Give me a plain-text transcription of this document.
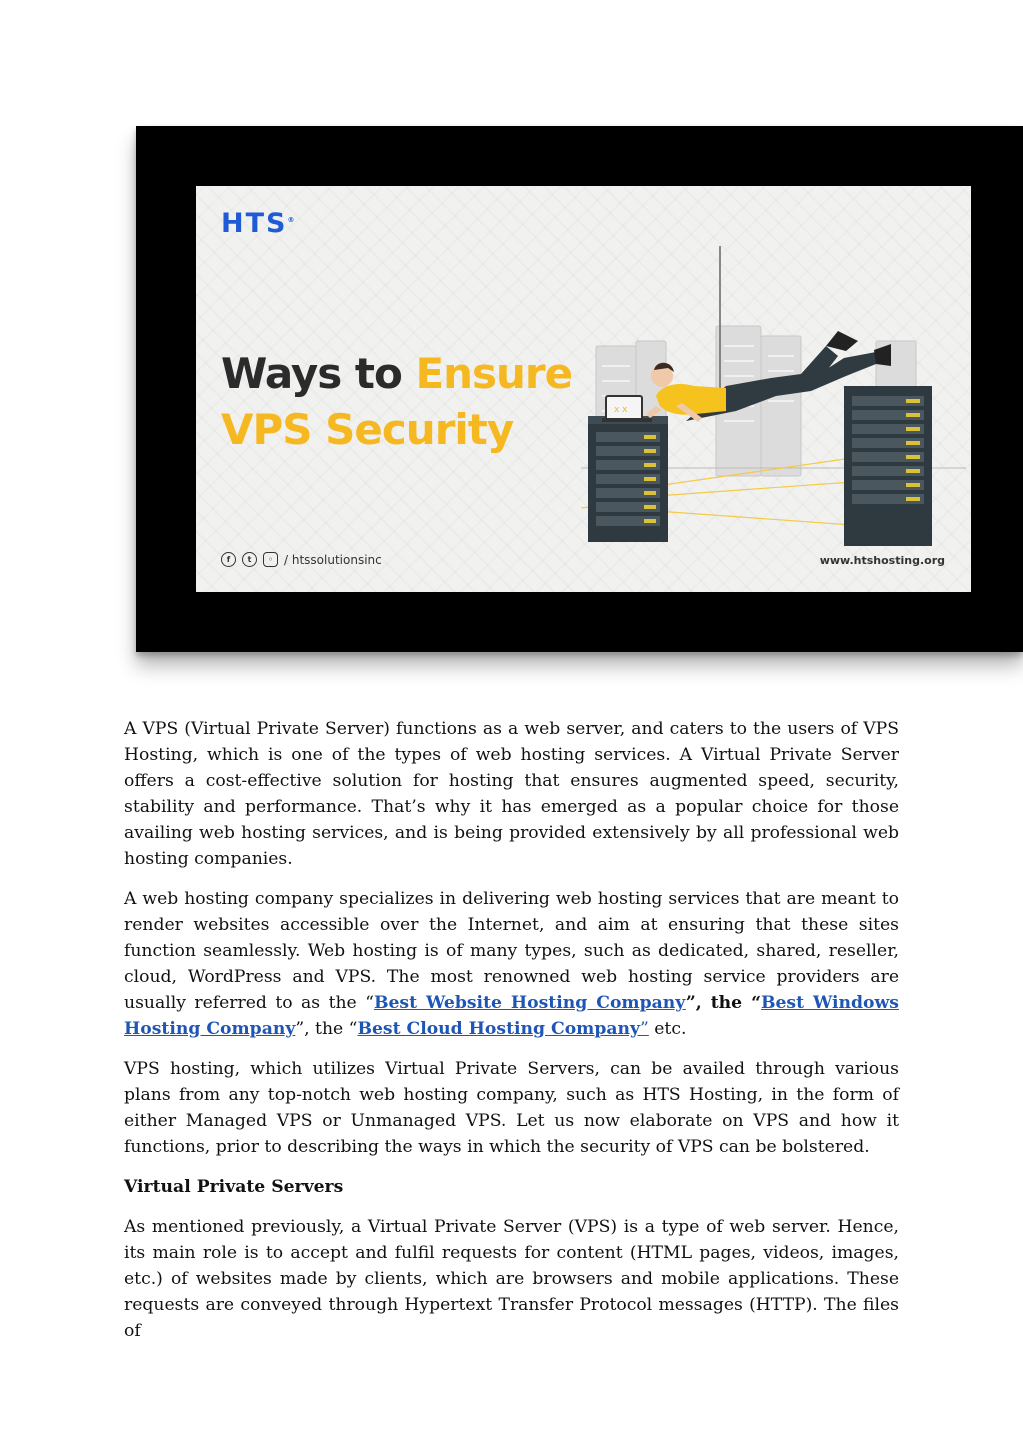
HTS®
Ways to Ensure
VPS Security	x x
f	t	◦ / htssolutionsinc	www.htshosting.org

A VPS (Virtual Private Server) functions as a web server, and caters to the users of VPS Hosting, which is one of the types of web hosting services. A Virtual Private Server offers a cost-effective solution for hosting that ensures augmented speed, security, stability and performance. That’s why it has emerged as a popular choice for those availing web hosting services, and is being provided extensively by all professional web hosting companies.

A web hosting company specializes in delivering web hosting services that are meant to render websites accessible over the Internet, and aim at ensuring that these sites function seamlessly. Web hosting is of many types, such as dedicated, shared, reseller, cloud, WordPress and VPS. The most renowned web hosting service providers are usually referred to as the “Best Website Hosting Company”, the “Best Windows Hosting Company”, the “Best Cloud Hosting Company” etc.

VPS hosting, which utilizes Virtual Private Servers, can be availed through various plans from any top-notch web hosting company, such as HTS Hosting, in the form of either Managed VPS or Unmanaged VPS. Let us now elaborate on VPS and how it functions, prior to describing the ways in which the security of VPS can be bolstered.

Virtual Private Servers

As mentioned previously, a Virtual Private Server (VPS) is a type of web server. Hence, its main role is to accept and fulfil requests for content (HTML pages, videos, images, etc.) of websites made by clients, which are browsers and mobile applications. These requests are conveyed through Hypertext Transfer Protocol messages (HTTP). The files of
